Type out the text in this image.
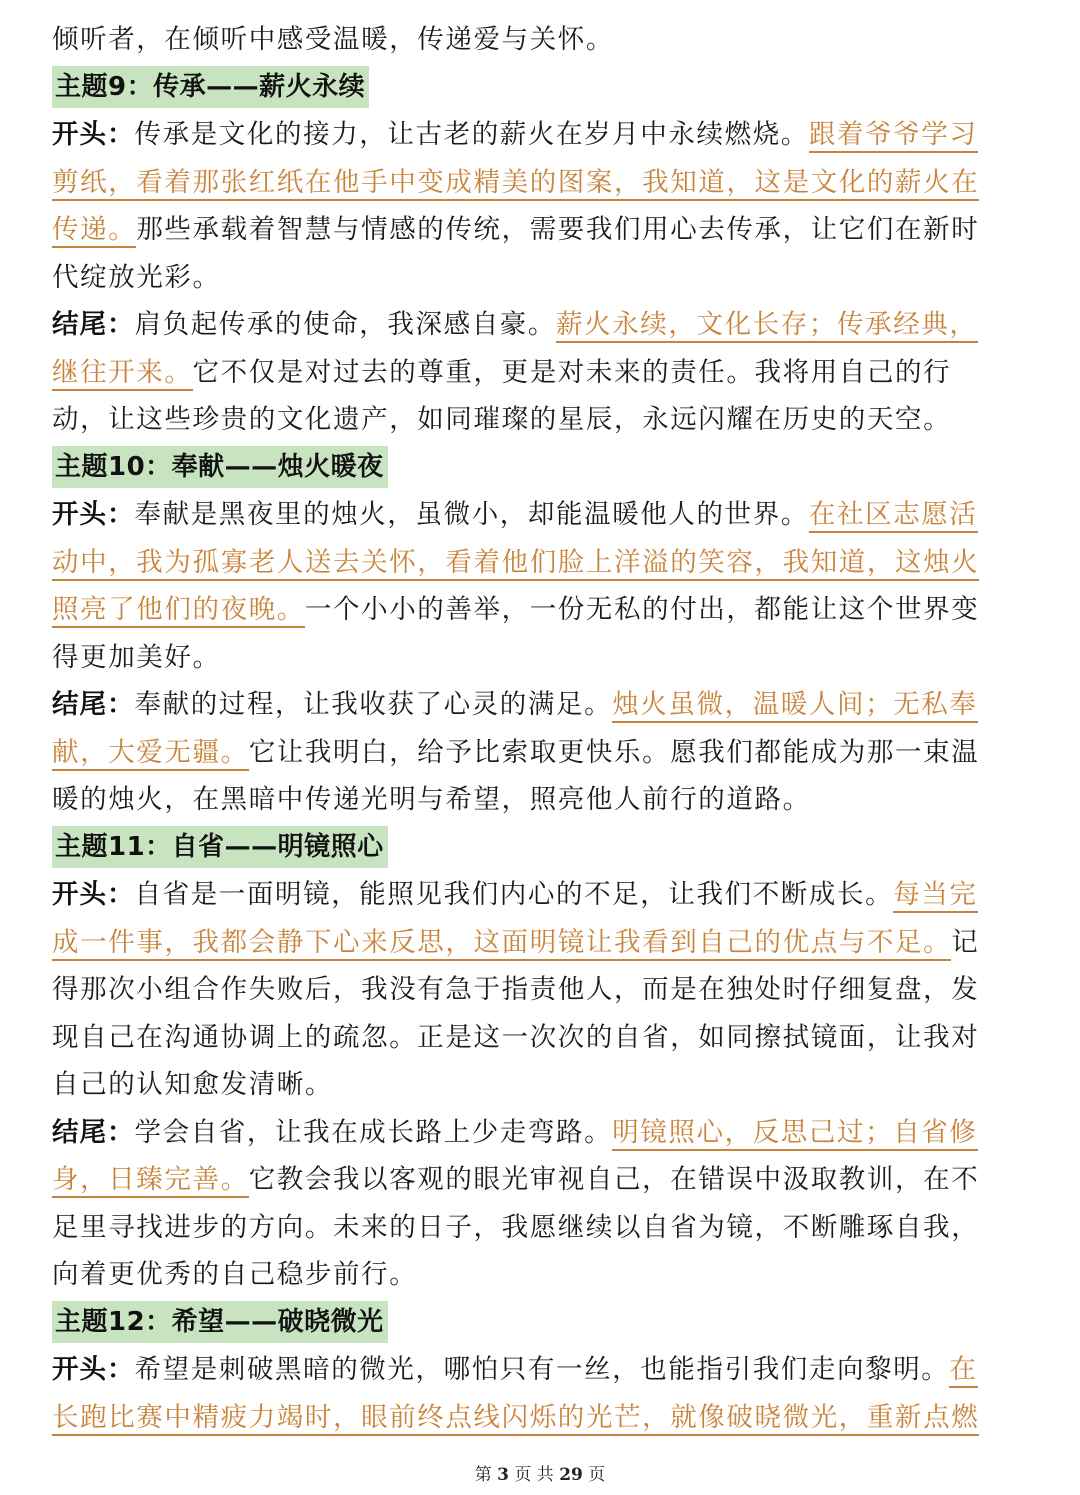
倾听者，在倾听中感受温暖，传递爱与关怀。
主题9：传承——薪火永续
开头：传承是文化的接力，让古老的薪火在岁月中永续燃烧。跟着爷爷学习
剪纸，看着那张红纸在他手中变成精美的图案，我知道，这是文化的薪火在
传递。那些承载着智慧与情感的传统，需要我们用心去传承，让它们在新时
代绽放光彩。
结尾：肩负起传承的使命，我深感自豪。薪火永续，文化长存；传承经典，
继往开来。它不仅是对过去的尊重，更是对未来的责任。我将用自己的行
动，让这些珍贵的文化遗产，如同璀璨的星辰，永远闪耀在历史的天空。
主题10：奉献——烛火暖夜
开头：奉献是黑夜里的烛火，虽微小，却能温暖他人的世界。在社区志愿活
动中，我为孤寡老人送去关怀，看着他们脸上洋溢的笑容，我知道，这烛火
照亮了他们的夜晚。一个小小的善举，一份无私的付出，都能让这个世界变
得更加美好。
结尾：奉献的过程，让我收获了心灵的满足。烛火虽微，温暖人间；无私奉
献，大爱无疆。它让我明白，给予比索取更快乐。愿我们都能成为那一束温
暖的烛火，在黑暗中传递光明与希望，照亮他人前行的道路。
主题11：自省——明镜照心
开头：自省是一面明镜，能照见我们内心的不足，让我们不断成长。每当完
成一件事，我都会静下心来反思，这面明镜让我看到自己的优点与不足。记
得那次小组合作失败后，我没有急于指责他人，而是在独处时仔细复盘，发
现自己在沟通协调上的疏忽。正是这一次次的自省，如同擦拭镜面，让我对
自己的认知愈发清晰。
结尾：学会自省，让我在成长路上少走弯路。明镜照心，反思己过；自省修
身，日臻完善。它教会我以客观的眼光审视自己，在错误中汲取教训，在不
足里寻找进步的方向。未来的日子，我愿继续以自省为镜，不断雕琢自我，
向着更优秀的自己稳步前行。
主题12：希望——破晓微光
开头：希望是刺破黑暗的微光，哪怕只有一丝，也能指引我们走向黎明。在
长跑比赛中精疲力竭时，眼前终点线闪烁的光芒，就像破晓微光，重新点燃
第 3 页 共 29 页
